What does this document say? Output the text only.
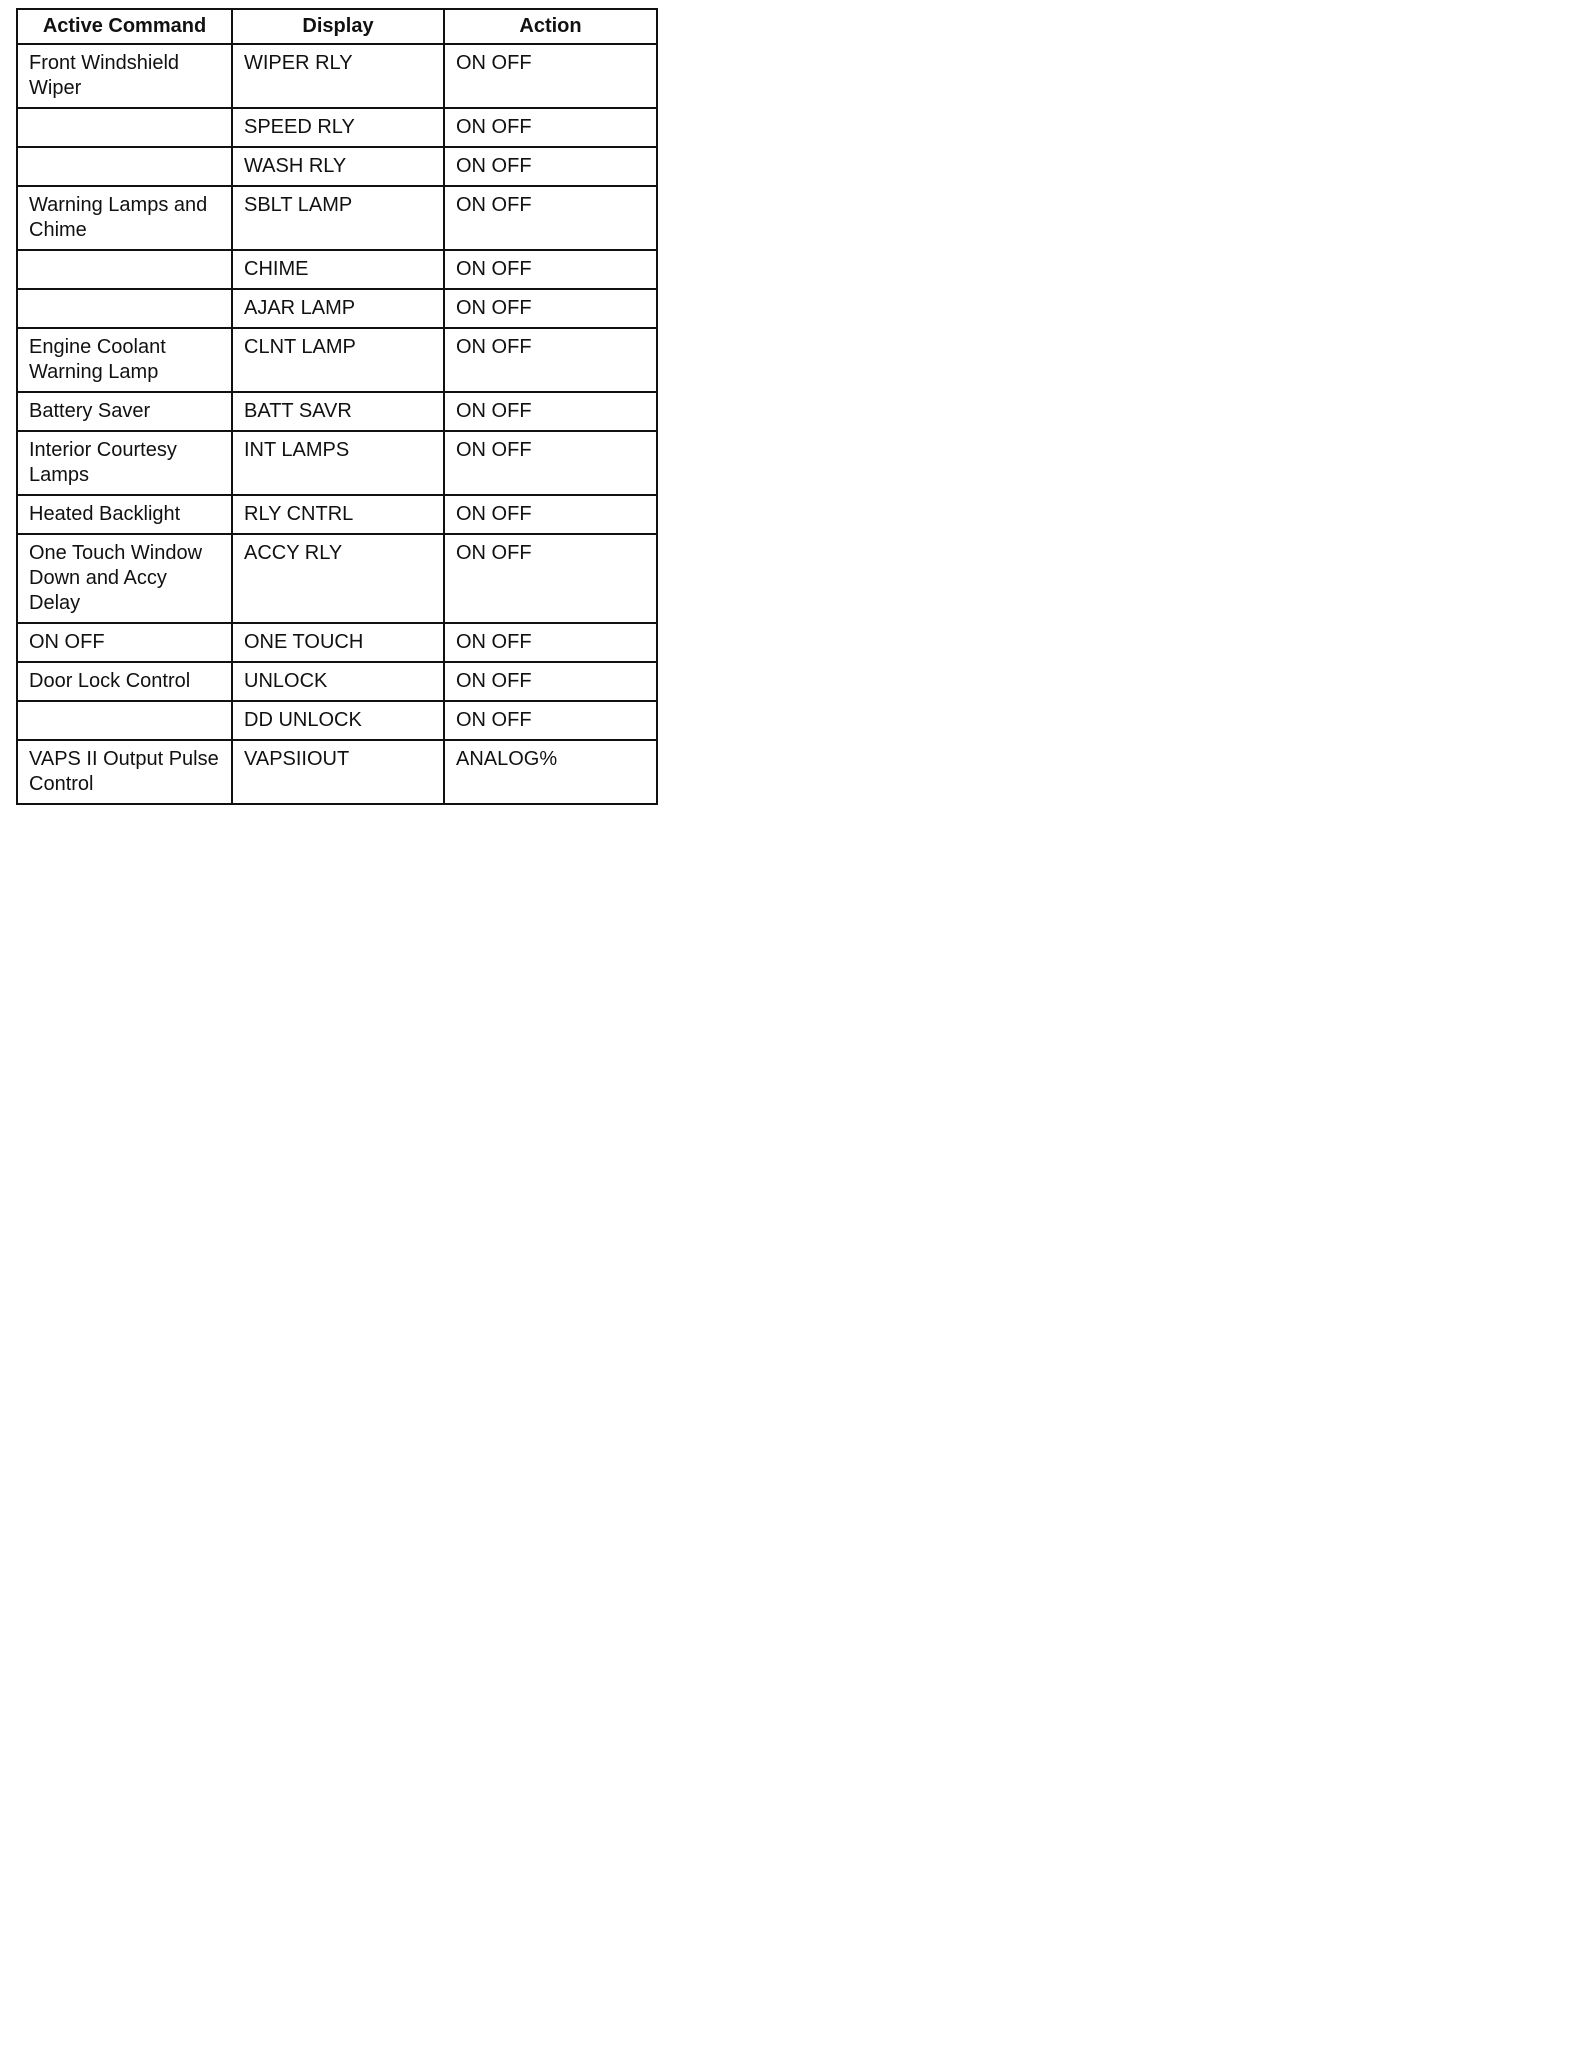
Active Command	Display	Action
Front Windshield Wiper	WIPER RLY	ON OFF
	SPEED RLY	ON OFF
	WASH RLY	ON OFF
Warning Lamps and Chime	SBLT LAMP	ON OFF
	CHIME	ON OFF
	AJAR LAMP	ON OFF
Engine Coolant Warning Lamp	CLNT LAMP	ON OFF
Battery Saver	BATT SAVR	ON OFF
Interior Courtesy Lamps	INT LAMPS	ON OFF
Heated Backlight	RLY CNTRL	ON OFF
One Touch Window Down and Accy Delay	ACCY RLY	ON OFF
ON OFF	ONE TOUCH	ON OFF
Door Lock Control	UNLOCK	ON OFF
	DD UNLOCK	ON OFF
VAPS II Output Pulse Control	VAPSIIOUT	ANALOG%
